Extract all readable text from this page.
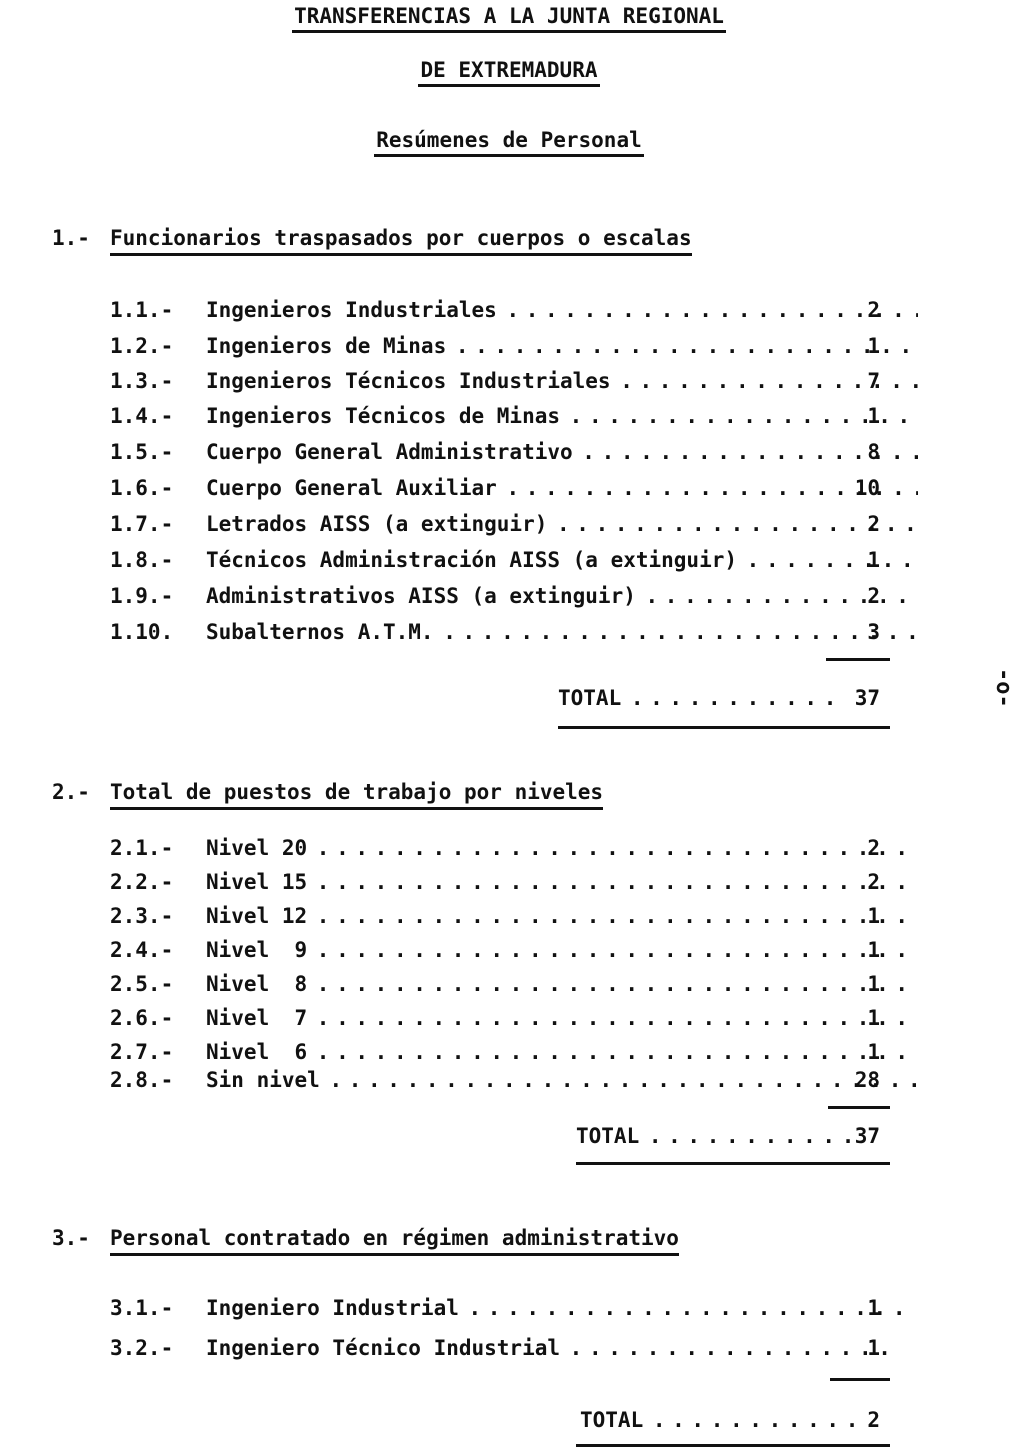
TRANSFERENCIAS A LA JUNTA REGIONAL
DE EXTREMADURA
Resúmenes de Personal
1.- Funcionarios traspasados por cuerpos o escalas
1.1.-	Ingenieros Industriales . . .	2
1.2.-	Ingenieros de Minas . . .	1
1.3.-	Ingenieros Técnicos Industriales . . .	7
1.4.-	Ingenieros Técnicos de Minas . . .	1
1.5.-	Cuerpo General Administrativo . . .	8
1.6.-	Cuerpo General Auxiliar . . .	10
1.7.-	Letrados AISS (a extinguir) . . .	2
1.8.-	Técnicos Administración AISS (a extinguir) . . .	1
1.9.-	Administrativos AISS (a extinguir) . . .	2
1.10.	Subalternos A.T.M. . . .	3
TOTAL . . .	37	-o-
2.- Total de puestos de trabajo por niveles
2.1.-	Nivel 20 . . .	2
2.2.-	Nivel 15 . . .	2
2.3.-	Nivel 12 . . .	1
2.4.-	Nivel  9 . . .	1
2.5.-	Nivel  8 . . .	1
2.6.-	Nivel  7 . . .	1
2.7.-	Nivel  6 . . .	1
2.8.-	Sin nivel . . .	28
TOTAL . . .	37
3.- Personal contratado en régimen administrativo
3.1.-	Ingeniero Industrial . . .	1
3.2.-	Ingeniero Técnico Industrial . . .	1
TOTAL . . .	2
